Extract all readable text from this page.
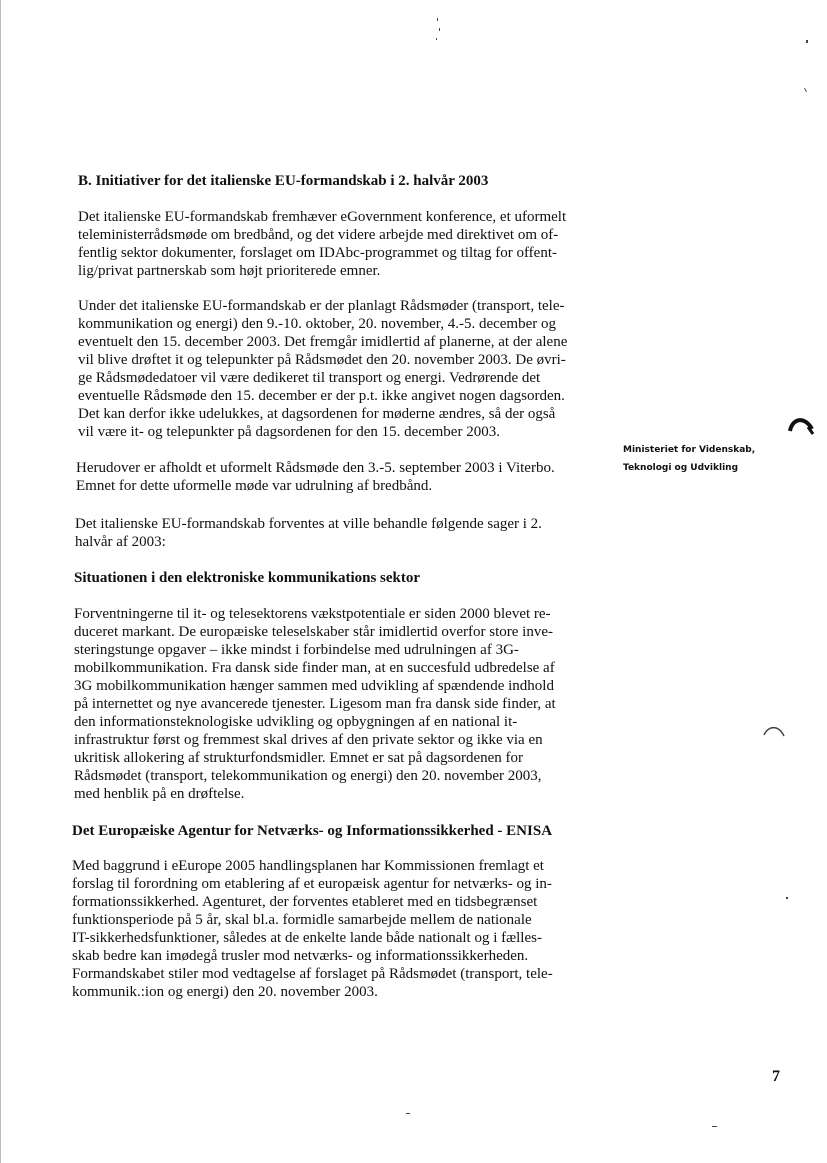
B. Initiativer for det italienske EU-formandskab i 2. halvår 2003

Det italienske EU-formandskab fremhæver eGovernment konference, et uformelt

teleministerrådsmøde om bredbånd, og det videre arbejde med direktivet om of-

fentlig sektor dokumenter, forslaget om IDAbc-programmet og tiltag for offent-

lig/privat partnerskab som højt prioriterede emner.

Under det italienske EU-formandskab er der planlagt Rådsmøder (transport, tele-

kommunikation og energi) den 9.-10. oktober, 20. november, 4.-5. december og

eventuelt den 15. december 2003. Det fremgår imidlertid af planerne, at der alene

vil blive drøftet it og telepunkter på Rådsmødet den 20. november 2003. De øvri-

ge Rådsmødedatoer vil være dedikeret til transport og energi. Vedrørende det

eventuelle Rådsmøde den 15. december er der p.t. ikke angivet nogen dagsorden.

Det kan derfor ikke udelukkes, at dagsordenen for møderne ændres, så der også

vil være it- og telepunkter på dagsordenen for den 15. december 2003.

Herudover er afholdt et uformelt Rådsmøde den 3.-5. september 2003 i Viterbo.

Emnet for dette uformelle møde var udrulning af bredbånd.

Det italienske EU-formandskab forventes at ville behandle følgende sager i 2.

halvår af 2003:

Situationen i den elektroniske kommunikations sektor

Forventningerne til it- og telesektorens vækstpotentiale er siden 2000 blevet re-

duceret markant. De europæiske teleselskaber står imidlertid overfor store inve-

steringstunge opgaver – ikke mindst i forbindelse med udrulningen af 3G-

mobilkommunikation. Fra dansk side finder man, at en succesfuld udbredelse af

3G mobilkommunikation hænger sammen med udvikling af spændende indhold

på internettet og nye avancerede tjenester. Ligesom man fra dansk side finder, at

den informationsteknologiske udvikling og opbygningen af en national it-

infrastruktur først og fremmest skal drives af den private sektor og ikke via en

ukritisk allokering af strukturfondsmidler. Emnet er sat på dagsordenen for

Rådsmødet (transport, telekommunikation og energi) den 20. november 2003,

med henblik på en drøftelse.

Det Europæiske Agentur for Netværks- og Informationssikkerhed - ENISA

Med baggrund i eEurope 2005 handlingsplanen har Kommissionen fremlagt et

forslag til forordning om etablering af et europæisk agentur for netværks- og in-

formationssikkerhed. Agenturet, der forventes etableret med en tidsbegrænset

funktionsperiode på 5 år, skal bl.a. formidle samarbejde mellem de nationale

IT-sikkerhedsfunktioner, således at de enkelte lande både nationalt og i fælles-

skab bedre kan imødegå trusler mod netværks- og informationssikkerheden.

Formandskabet stiler mod vedtagelse af forslaget på Rådsmødet (transport, tele-

kommunik.:ion og energi) den 20. november 2003.

Ministeriet for Videnskab,
Teknologi og Udvikling
7
